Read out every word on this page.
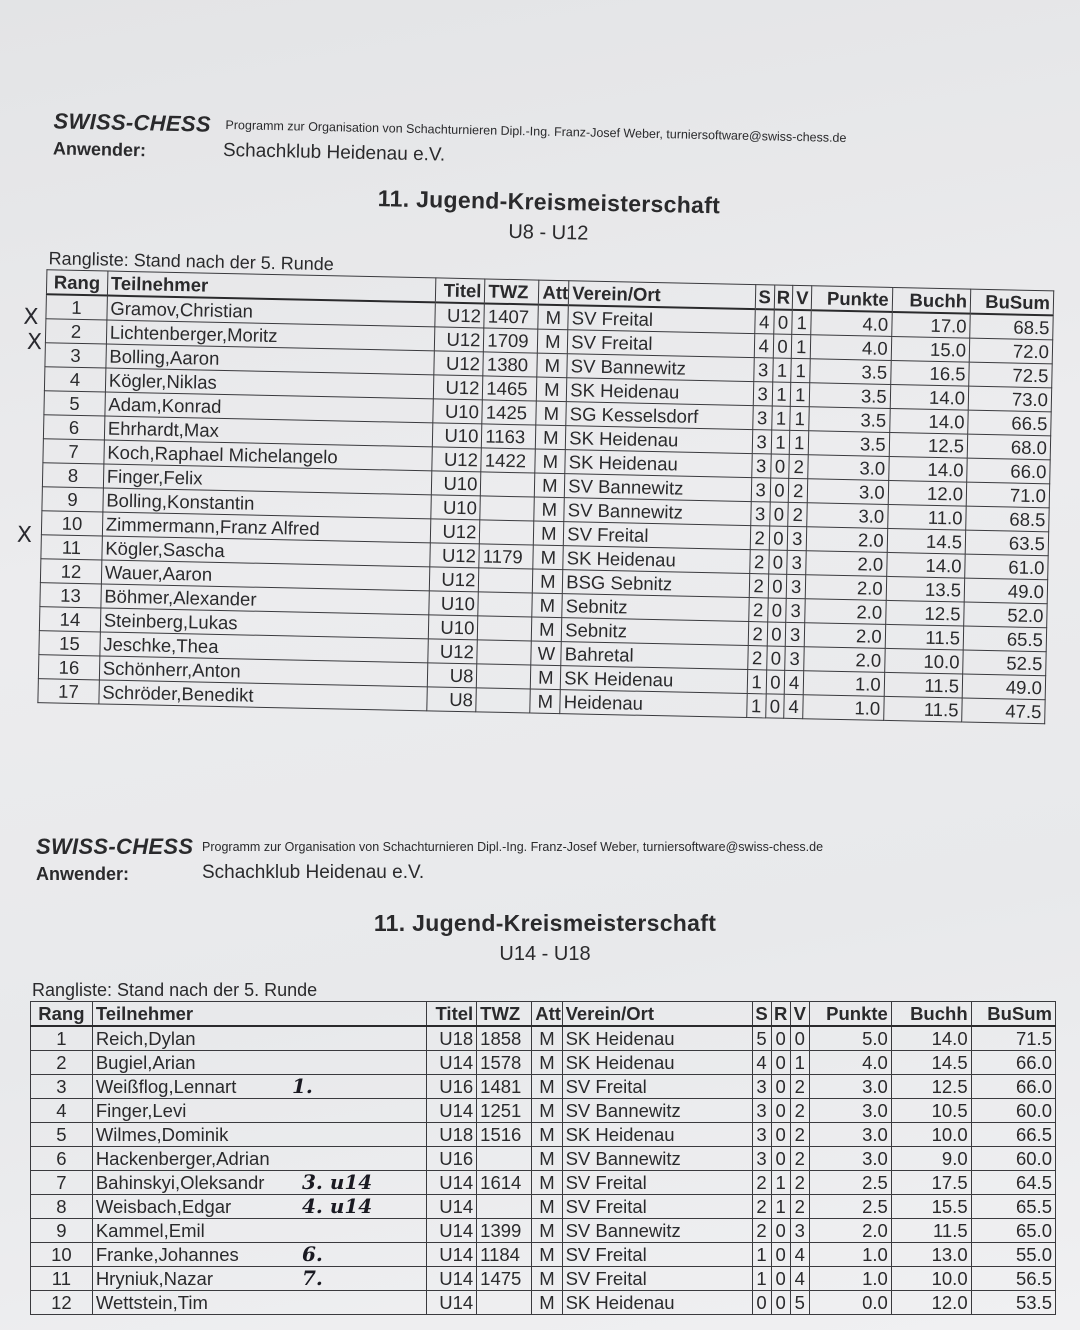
SWISS-CHESS Programm zur Organisation von Schachturnieren Dipl.-Ing. Franz-Josef Weber, turniersoftware@swiss-chess.de
Anwender:	Schachklub Heidenau e.V.
11. Jugend-Kreismeisterschaft
U8 - U12
Rangliste: Stand nach der 5. Runde
Rang	Teilnehmer	Titel	TWZ	Att	Verein/Ort	S	R	V	Punkte	Buchh	BuSum
1	Gramov,Christian	U12	1407	M	SV Freital	4	0	1	4.0	17.0	68.5
2	Lichtenberger,Moritz	U12	1709	M	SV Freital	4	0	1	4.0	15.0	72.0
3	Bolling,Aaron	U12	1380	M	SV Bannewitz	3	1	1	3.5	16.5	72.5
4	Kögler,Niklas	U12	1465	M	SK Heidenau	3	1	1	3.5	14.0	73.0
5	Adam,Konrad	U10	1425	M	SG Kesselsdorf	3	1	1	3.5	14.0	66.5
6	Ehrhardt,Max	U10	1163	M	SK Heidenau	3	1	1	3.5	12.5	68.0
7	Koch,Raphael Michelangelo	U12	1422	M	SK Heidenau	3	0	2	3.0	14.0	66.0
8	Finger,Felix	U10		M	SV Bannewitz	3	0	2	3.0	12.0	71.0
9	Bolling,Konstantin	U10		M	SV Bannewitz	3	0	2	3.0	11.0	68.5
10	Zimmermann,Franz Alfred	U12		M	SV Freital	2	0	3	2.0	14.5	63.5
11	Kögler,Sascha	U12	1179	M	SK Heidenau	2	0	3	2.0	14.0	61.0
12	Wauer,Aaron	U12		M	BSG Sebnitz	2	0	3	2.0	13.5	49.0
13	Böhmer,Alexander	U10		M	Sebnitz	2	0	3	2.0	12.5	52.0
14	Steinberg,Lukas	U10		M	Sebnitz	2	0	3	2.0	11.5	65.5
15	Jeschke,Thea	U12		W	Bahretal	2	0	3	2.0	10.0	52.5
16	Schönherr,Anton	U8		M	SK Heidenau	1	0	4	1.0	11.5	49.0
17	Schröder,Benedikt	U8		M	Heidenau	1	0	4	1.0	11.5	47.5
X
X
X
SWISS-CHESS Programm zur Organisation von Schachturnieren Dipl.-Ing. Franz-Josef Weber, turniersoftware@swiss-chess.de
Anwender:	Schachklub Heidenau e.V.
11. Jugend-Kreismeisterschaft
U14 - U18
Rangliste: Stand nach der 5. Runde
Rang	Teilnehmer	Titel	TWZ	Att	Verein/Ort	S	R	V	Punkte	Buchh	BuSum
1	Reich,Dylan	U18	1858	M	SK Heidenau	5	0	0	5.0	14.0	71.5
2	Bugiel,Arian	U14	1578	M	SK Heidenau	4	0	1	4.0	14.5	66.0
3	Weißflog,Lennart	U16	1481	M	SV Freital	3	0	2	3.0	12.5	66.0
4	Finger,Levi	U14	1251	M	SV Bannewitz	3	0	2	3.0	10.5	60.0
5	Wilmes,Dominik	U18	1516	M	SK Heidenau	3	0	2	3.0	10.0	66.5
6	Hackenberger,Adrian	U16		M	SV Bannewitz	3	0	2	3.0	9.0	60.0
7	Bahinskyi,Oleksandr	U14	1614	M	SV Freital	2	1	2	2.5	17.5	64.5
8	Weisbach,Edgar	U14		M	SV Freital	2	1	2	2.5	15.5	65.5
9	Kammel,Emil	U14	1399	M	SV Bannewitz	2	0	3	2.0	11.5	65.0
10	Franke,Johannes	U14	1184	M	SV Freital	1	0	4	1.0	13.0	55.0
11	Hryniuk,Nazar	U14	1475	M	SV Freital	1	0	4	1.0	10.0	56.5
12	Wettstein,Tim	U14		M	SK Heidenau	0	0	5	0.0	12.0	53.5
1.
3. u14
4. u14
6.
7.
